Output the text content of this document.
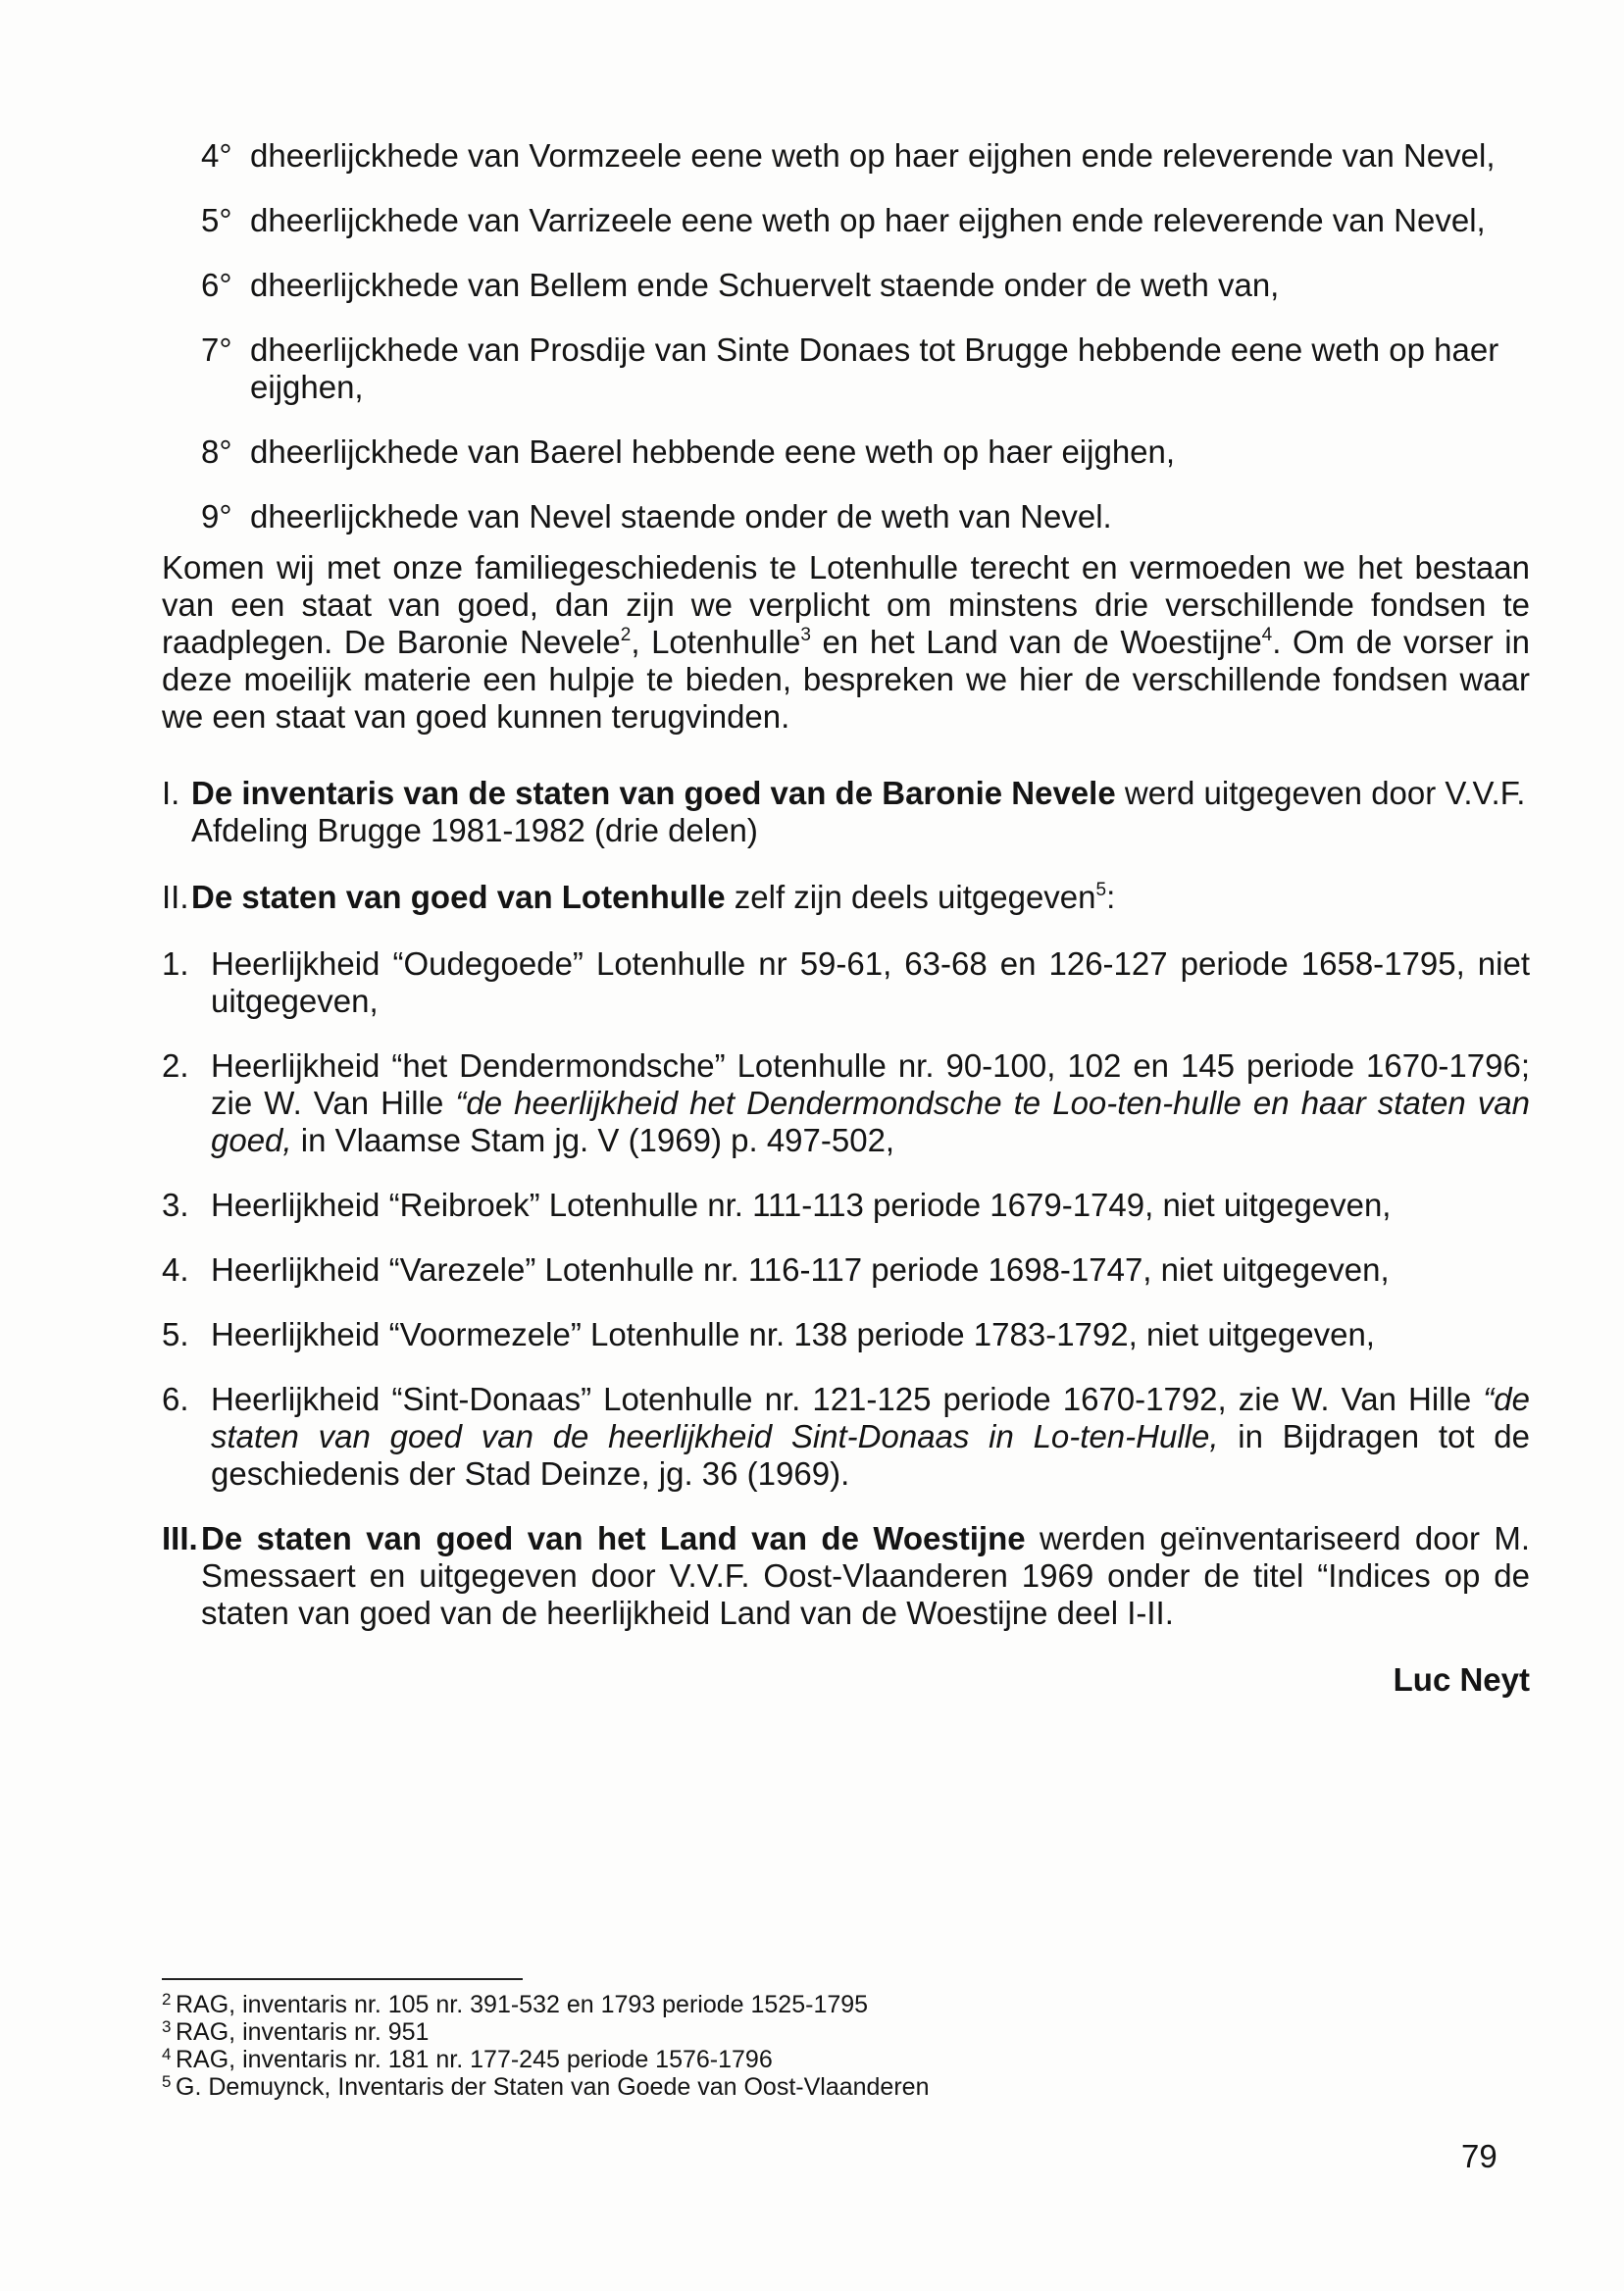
4° dheerlijckhede van Vormzeele eene weth op haer eijghen ende releverende van Nevel,
5° dheerlijckhede van Varrizeele eene weth op haer eijghen ende releverende van Nevel,
6° dheerlijckhede van Bellem ende Schuervelt staende onder de weth van,
7° dheerlijckhede van Prosdije van Sinte Donaes tot Brugge hebbende eene weth op haer eijghen,
8° dheerlijckhede van Baerel hebbende eene weth op haer eijghen,
9° dheerlijckhede van Nevel staende onder de weth van Nevel.

Komen wij met onze familiegeschiedenis te Lotenhulle terecht en vermoeden we het bestaan van een staat van goed, dan zijn we verplicht om minstens drie verschillende fondsen te raadplegen. De Baronie Nevele$^2$, Lotenhulle$^3$ en het Land van de Woestijne$^4$. Om de vorser in deze moeilijk materie een hulpje te bieden, bespreken we hier de verschillende fondsen waar we een staat van goed kunnen terugvinden.

I. De inventaris van de staten van goed van de Baronie Nevele werd uitgegeven door V.V.F. Afdeling Brugge 1981-1982 (drie delen)
II. De staten van goed van Lotenhulle zelf zijn deels uitgegeven$^5$:
1. Heerlijkheid “Oudegoede” Lotenhulle nr 59-61, 63-68 en 126-127 periode 1658-1795, niet uitgegeven,
2. Heerlijkheid “het Dendermondsche” Lotenhulle nr. 90-100, 102 en 145 periode 1670-1796; zie W. Van Hille “de heerlijkheid het Dendermondsche te Loo-ten-hulle en haar staten van goed, in Vlaamse Stam jg. V (1969) p. 497-502,
3. Heerlijkheid “Reibroek” Lotenhulle nr. 111-113 periode 1679-1749, niet uitgegeven,
4. Heerlijkheid “Varezele” Lotenhulle nr. 116-117 periode 1698-1747, niet uitgegeven,
5. Heerlijkheid “Voormezele” Lotenhulle nr. 138 periode 1783-1792, niet uitgegeven,
6. Heerlijkheid “Sint-Donaas” Lotenhulle nr. 121-125 periode 1670-1792, zie W. Van Hille “de staten van goed van de heerlijkheid Sint-Donaas in Lo-ten-Hulle, in Bijdragen tot de geschiedenis der Stad Deinze, jg. 36 (1969).
III. De staten van goed van het Land van de Woestijne werden geïnventariseerd door M. Smessaert en uitgegeven door V.V.F. Oost-Vlaanderen 1969 onder de titel “Indices op de staten van goed van de heerlijkheid Land van de Woestijne deel I-II.
Luc Neyt
2 RAG, inventaris nr. 105 nr. 391-532 en 1793 periode 1525-1795
3 RAG, inventaris nr. 951
4 RAG, inventaris nr. 181 nr. 177-245 periode 1576-1796
5 G. Demuynck, Inventaris der Staten van Goede van Oost-Vlaanderen
79
